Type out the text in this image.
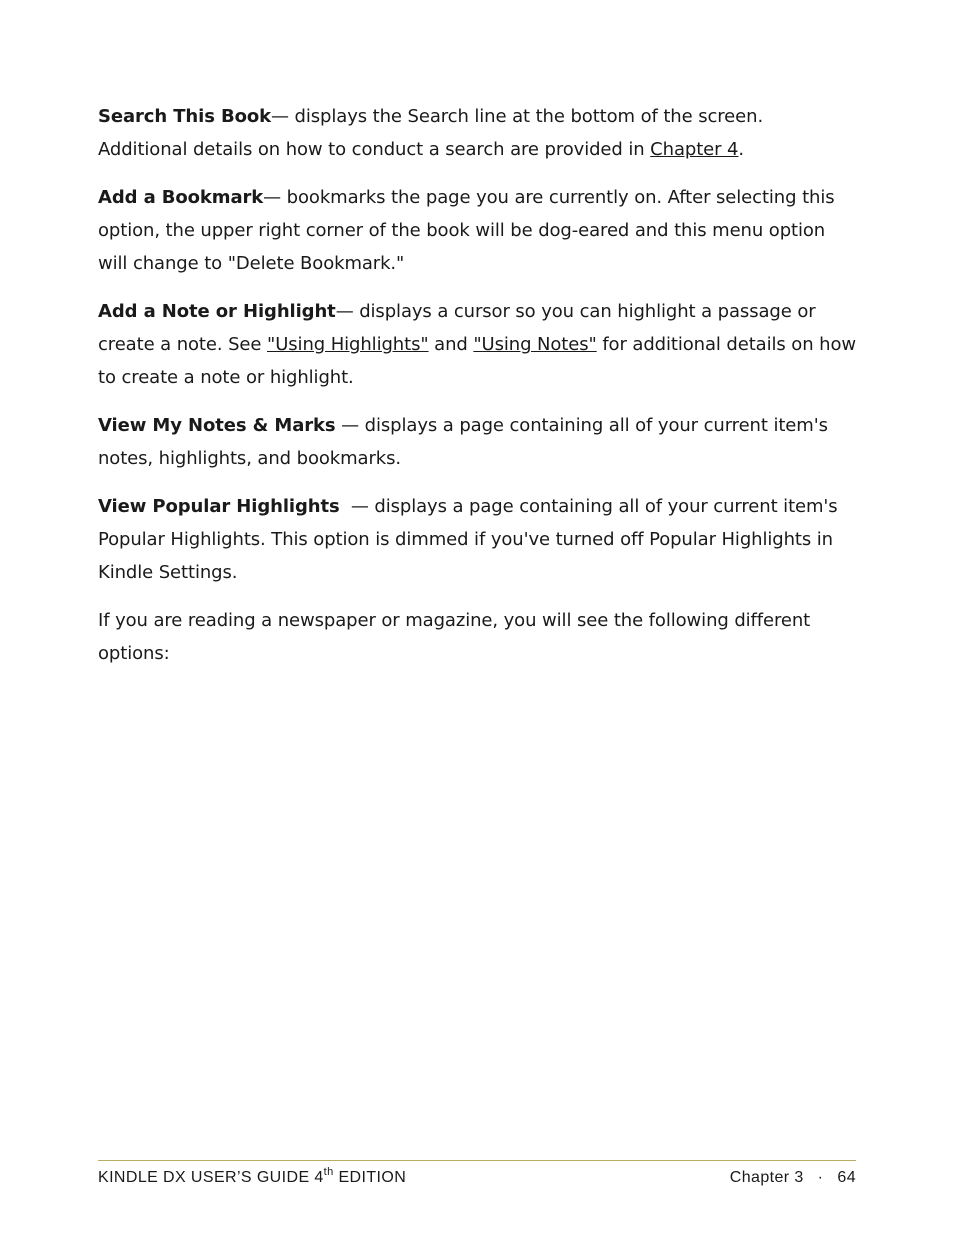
Search This Book— displays the Search line at the bottom of the screen. Additional details on how to conduct a search are provided in Chapter 4.

Add a Bookmark— bookmarks the page you are currently on. After selecting this option, the upper right corner of the book will be dog-eared and this menu option will change to "Delete Bookmark."

Add a Note or Highlight— displays a cursor so you can highlight a passage or create a note. See "Using Highlights" and "Using Notes" for additional details on how to create a note or highlight.

View My Notes & Marks — displays a page containing all of your current item's notes, highlights, and bookmarks.

View Popular Highlights  — displays a page containing all of your current item's Popular Highlights. This option is dimmed if you've turned off Popular Highlights in Kindle Settings.

If you are reading a newspaper or magazine, you will see the following different options:

KINDLE DX USER’S GUIDE 4th EDITION	Chapter 3 · 64
